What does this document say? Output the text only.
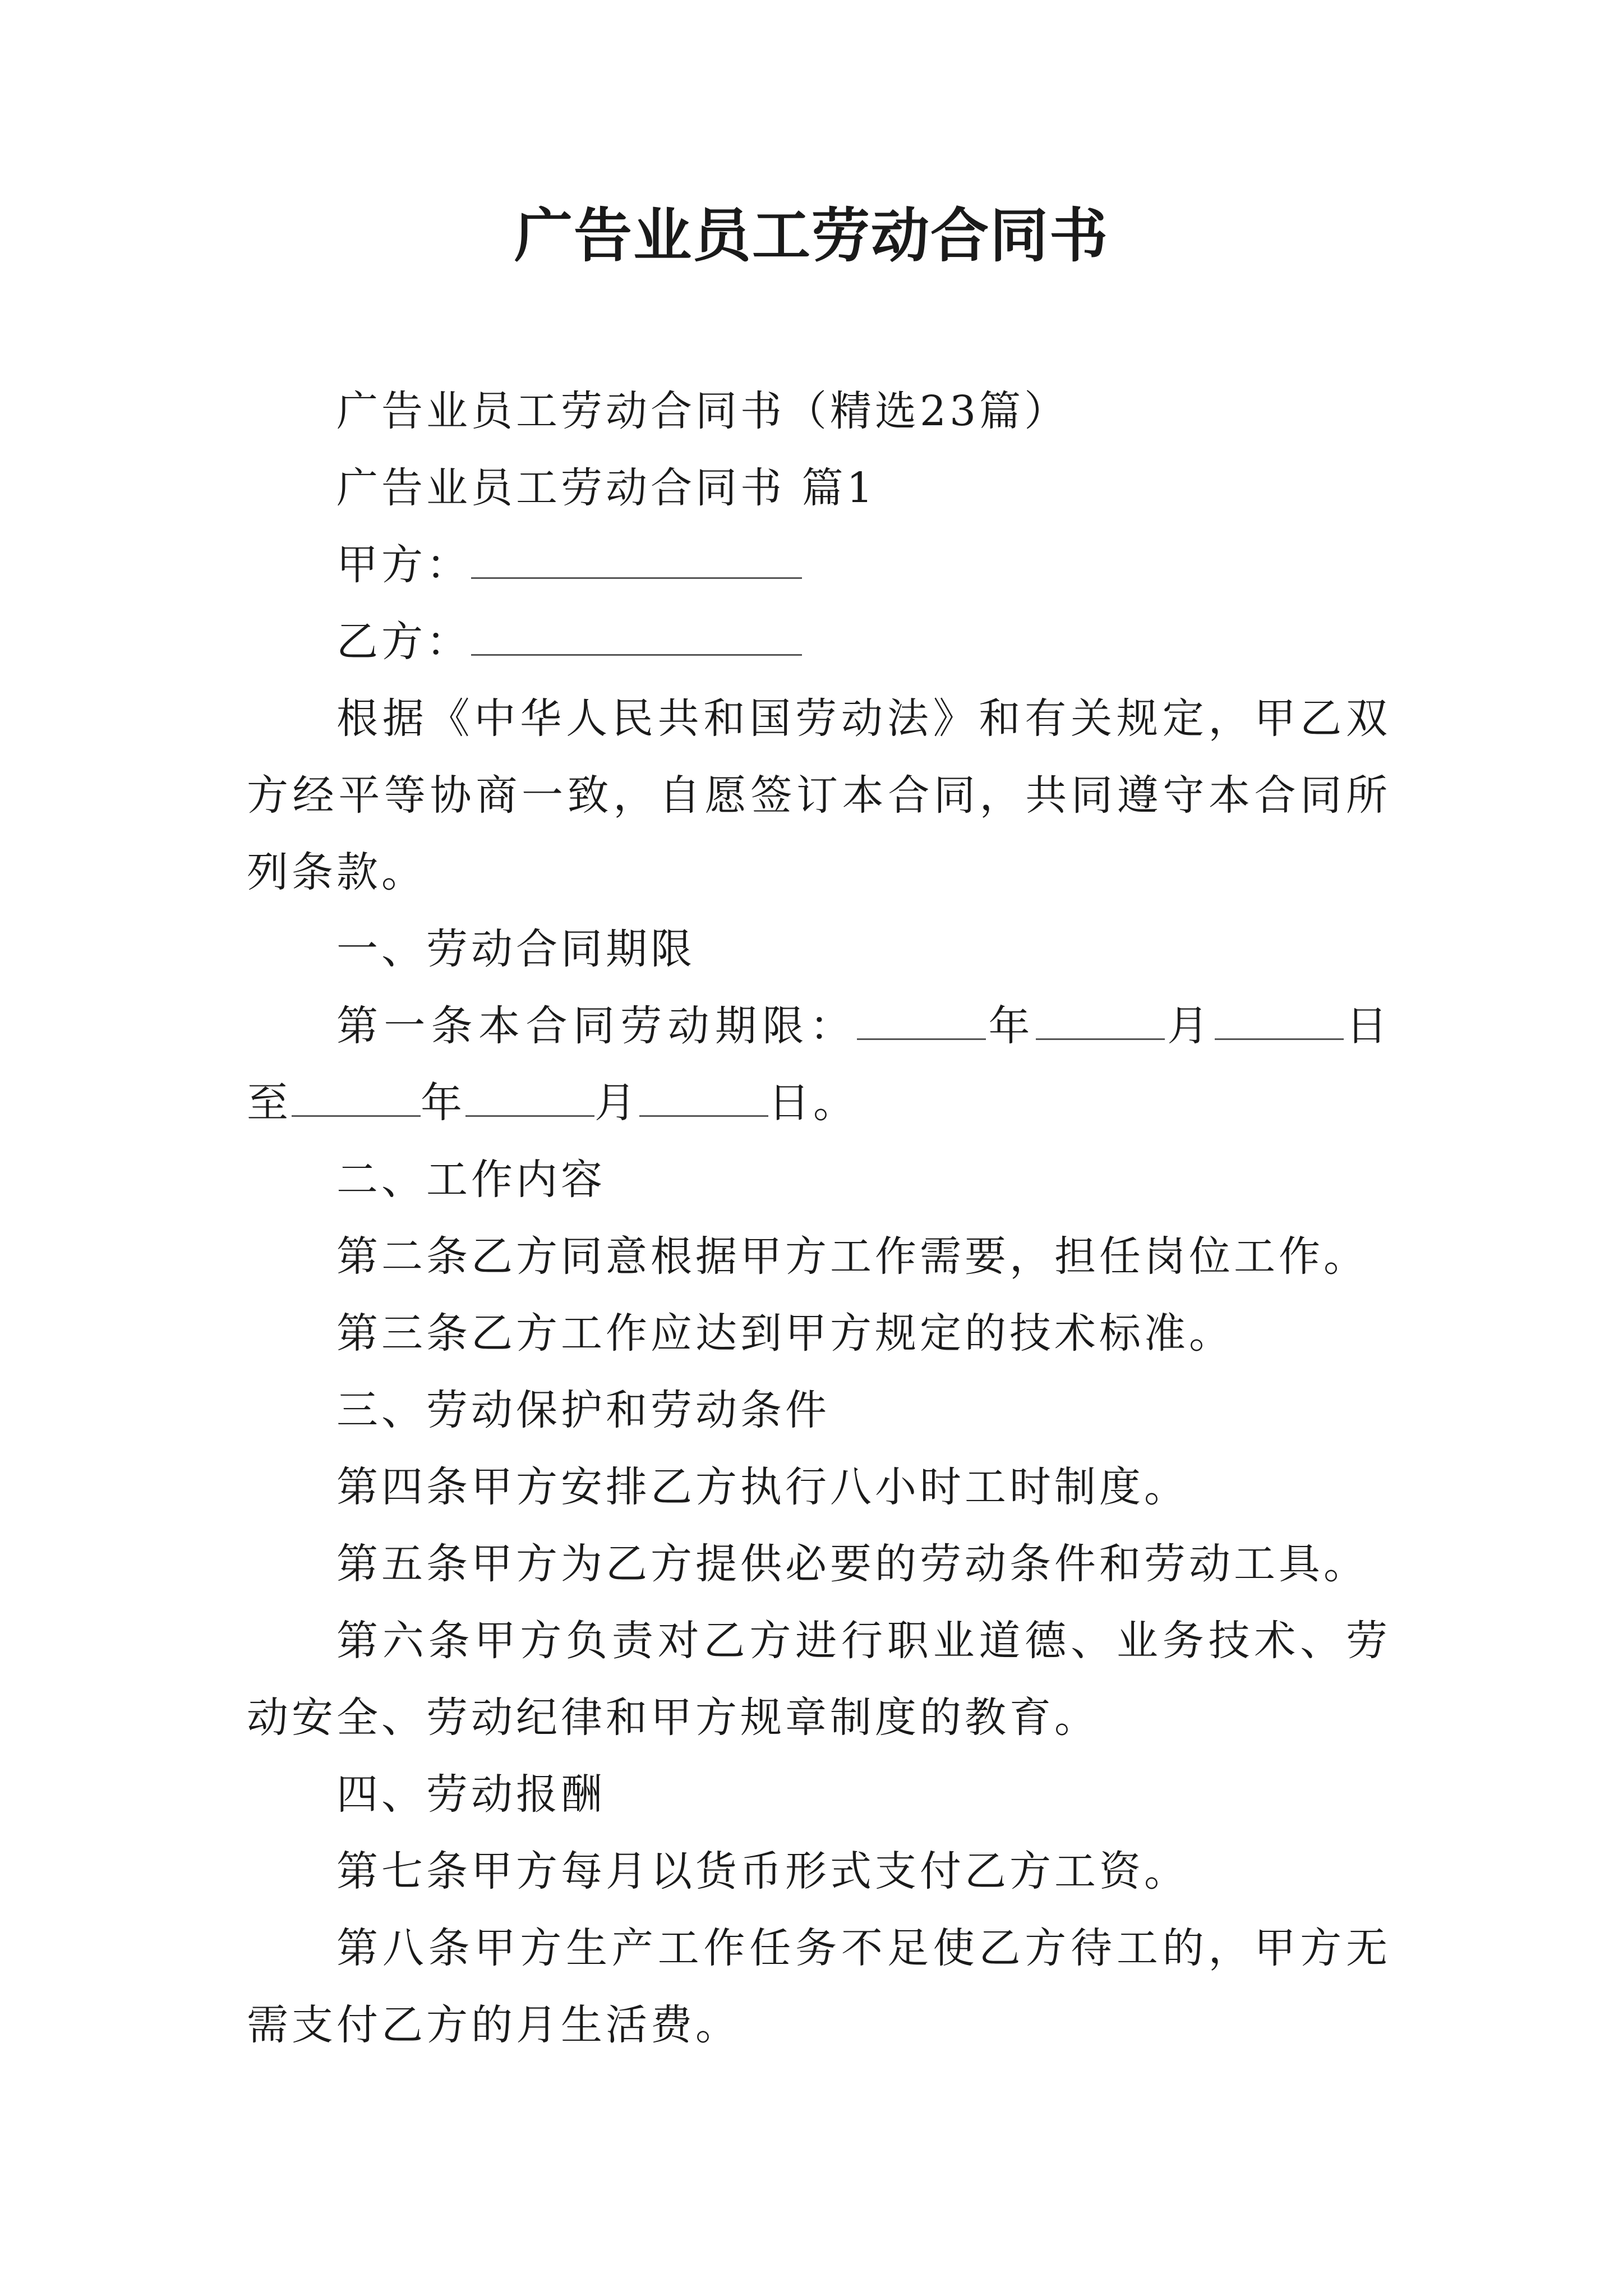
广告业员工劳动合同书

广告业员工劳动合同书（精选23篇）

广告业员工劳动合同书 篇1

甲方：

乙方：

根据《中华人民共和国劳动法》和有关规定，甲乙双方经平等协商一致，自愿签订本合同，共同遵守本合同所列条款。

一、劳动合同期限

第一条本合同劳动期限：	年	月	日至	年	月	日。

二、工作内容

第二条乙方同意根据甲方工作需要，担任岗位工作。

第三条乙方工作应达到甲方规定的技术标准。

三、劳动保护和劳动条件

第四条甲方安排乙方执行八小时工时制度。

第五条甲方为乙方提供必要的劳动条件和劳动工具。

第六条甲方负责对乙方进行职业道德、业务技术、劳动安全、劳动纪律和甲方规章制度的教育。

四、劳动报酬

第七条甲方每月以货币形式支付乙方工资。

第八条甲方生产工作任务不足使乙方待工的，甲方无需支付乙方的月生活费。
